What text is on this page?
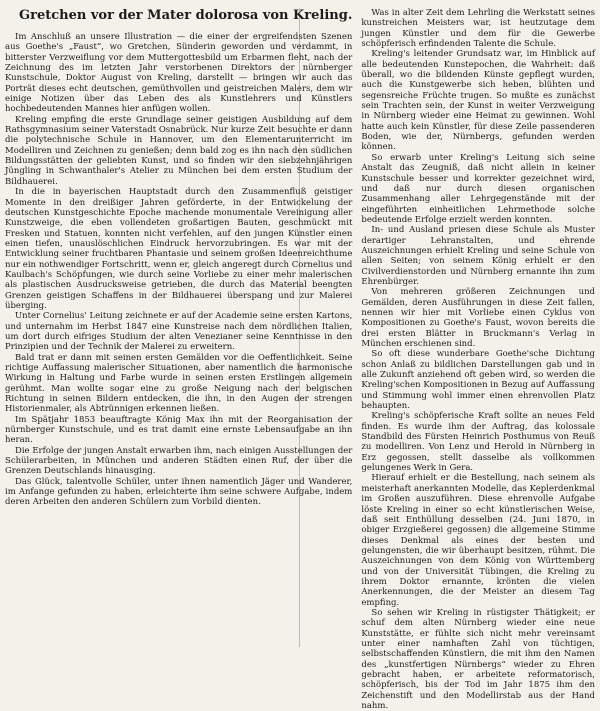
Gretchen vor der Mater dolorosa von Kreling.

Im Anschluß an unsere Illustration — die einer der ergreifendsten Szenen aus Goethe's „Faust“, wo Gretchen, Sünderin geworden und verdammt, in bitterster Verzweiflung vor dem Muttergottesbild um Erbarmen fleht, nach der Zeichnung des im letzten Jahr verstorbenen Direktors der nürnberger Kunstschule, Doktor August von Kreling, darstellt — bringen wir auch das Porträt dieses echt deutschen, gemüthvollen und geistreichen Malers, dem wir einige Notizen über das Leben des als Kunstlehrers und Künstlers hochbedeutenden Mannes hier anfügen wollen.

Kreling empfing die erste Grundlage seiner geistigen Ausbildung auf dem Rathsgymnasium seiner Vaterstadt Osnabrück. Nur kurze Zeit besuchte er dann die polytechnische Schule in Hannover, um den Elementarunterricht im Modelliren und Zeichnen zu genießen; denn bald zog es ihn nach den südlichen Bildungsstätten der geliebten Kunst, und so finden wir den siebzehnjährigen Jüngling in Schwanthaler's Atelier zu München bei dem ersten Studium der Bildhauerei.

In die in bayerischen Hauptstadt durch den Zusammenfluß geistiger Momente in den dreißiger Jahren geförderte, in der Entwickelung der deutschen Kunstgeschichte Epoche machende monumentale Vereinigung aller Kunstzweige, die eben vollendeten großartigen Bauten, geschmückt mit Fresken und Statuen, konnten nicht verfehlen, auf den jungen Künstler einen einen tiefen, unauslöschlichen Eindruck hervorzubringen. Es war mit der Entwicklung seiner fruchtbaren Phantasie und seinem großen Ideenreichthume nur ein nothwendiger Fortschritt, wenn er, gleich angeregt durch Cornelius und Kaulbach's Schöpfungen, wie durch seine Vorliebe zu einer mehr malerischen als plastischen Ausdrucksweise getrieben, die durch das Material beengten Grenzen geistigen Schaffens in der Bildhauerei überspang und zur Malerei überging.

Unter Cornelius' Leitung zeichnete er auf der Academie seine ersten Kartons, und unternahm im Herbst 1847 eine Kunstreise nach dem nördlichen Italien, um dort durch eifriges Studium der alten Venezianer seine Kenntnisse in den Prinzipien und der Technik der Malerei zu erweitern.

Bald trat er dann mit seinen ersten Gemälden vor die Oeffentlichkeit. Seine richtige Auffassung malerischer Situationen, aber namentlich die harmonische Wirkung in Haltung und Farbe wurde in seinen ersten Erstlingen allgemein gerühmt. Man wollte sogar eine zu große Neigung nach der belgischen Richtung in seinen Bildern entdecken, die ihn, in den Augen der strengen Historienmaler, als Abtrünnigen erkennen ließen.

Im Spätjahr 1853 beauftragte König Max ihn mit der Reorganisation der nürnberger Kunstschule, und es trat damit eine ernste Lebensaufgabe an ihn heran.

Die Erfolge der jungen Anstalt erwarben ihm, nach einigen Ausstellungen der Schülerarbeiten, in München und anderen Städten einen Ruf, der über die Grenzen Deutschlands hinausging.

Das Glück, talentvolle Schüler, unter ihnen namentlich Jäger und Wanderer, im Anfange gefunden zu haben, erleichterte ihm seine schwere Aufgabe, indem deren Arbeiten den anderen Schülern zum Vorbild dienten.

Was in alter Zeit dem Lehrling die Werkstatt seines kunstreichen Meisters war, ist heutzutage dem jungen Künstler und dem für die Gewerbe schöpferisch erfindenden Talente die Schule.

Kreling's leitender Grundsatz war, im Hinblick auf alle bedeutenden Kunstepochen, die Wahrheit: daß überall, wo die bildenden Künste gepflegt wurden, auch die Kunstgewerbe sich heben, blühten und segensreiche Früchte trugen. So mußte es zunächst sein Trachten sein, der Kunst in weiter Verzweigung in Nürnberg wieder eine Heimat zu gewinnen. Wohl hatte auch kein Künstler, für diese Zeile passenderen Boden, wie der, Nürnbergs, gefunden werden können.

So erwarb unter Kreling's Leitung sich seine Anstalt das Zeugniß, daß nicht allein in keiner Kunstschule besser und korrekter gezeichnet wird, und daß nur durch diesen organischen Zusammenhang aller Lehrgegenstände mit der eingeführten einheitlichen Lehrmethode solche bedeutende Erfolge erzielt werden konnten.

In- und Ausland priesen diese Schule als Muster derartiger Lehranstalten, und ehrende Auszeichnungen erhielt Kreling und seine Schule von allen Seiten; von seinem König erhielt er den Civilverdienstorden und Nürnberg ernannte ihn zum Ehrenbürger.

Von mehreren größeren Zeichnungen und Gemälden, deren Ausführungen in diese Zeit fallen, nennen wir hier mit Vorliebe einen Cyklus von Kompositionen zu Goethe's Faust, wovon bereits die drei ersten Blätter in Bruckmann's Verlag in München erschienen sind.

So oft diese wunderbare Goethe'sche Dichtung schon Anlaß zu bildlichen Darstellungen gab und in alle Zukunft anziehend oft geben wird, so werden die Kreling'schen Kompositionen in Bezug auf Auffassung und Stimmung wohl immer einen ehrenvollen Platz behaupten.

Kreling's schöpferische Kraft sollte an neues Feld finden. Es wurde ihm der Auftrag, das kolossale Standbild des Fürsten Heinrich Posthumus von Reuß zu modelliren. Von Lenz und Herold in Nürnberg in Erz gegossen, stellt dasselbe als vollkommen gelungenes Werk in Gera.

Hierauf erhielt er die Bestellung, nach seinem als meisterhaft anerkannten Modelle, das Keplerdenkmal im Großen auszuführen. Diese ehrenvolle Aufgabe löste Kreling in einer so echt künstlerischen Weise, daß seit Enthüllung desselben (24. Juni 1870, in obiger Erzgießerei gegossen) die allgemeine Stimme dieses Denkmal als eines der besten und gelungensten, die wir überhaupt besitzen, rühmt. Die Auszeichnungen von dem König von Württemberg und von der Universität Tübingen, die Kreling zu ihrem Doktor ernannte, krönten die vielen Anerkennungen, die der Meister an diesem Tag empfing.

So sehen wir Kreling in rüstigster Thätigkeit; er schuf dem alten Nürnberg wieder eine neue Kunststätte, er fühlte sich nicht mehr vereinsamt unter einer namhaften Zahl von tüchtigen, selbstschaffenden Künstlern, die mit ihm den Namen des „kunstfertigen Nürnbergs“ wieder zu Ehren gebracht haben, er arbeitete reformatorisch, schöpferisch, bis der Tod im Jahr 1875 ihm den Zeichenstift und den Modellirstab aus der Hand nahm.
